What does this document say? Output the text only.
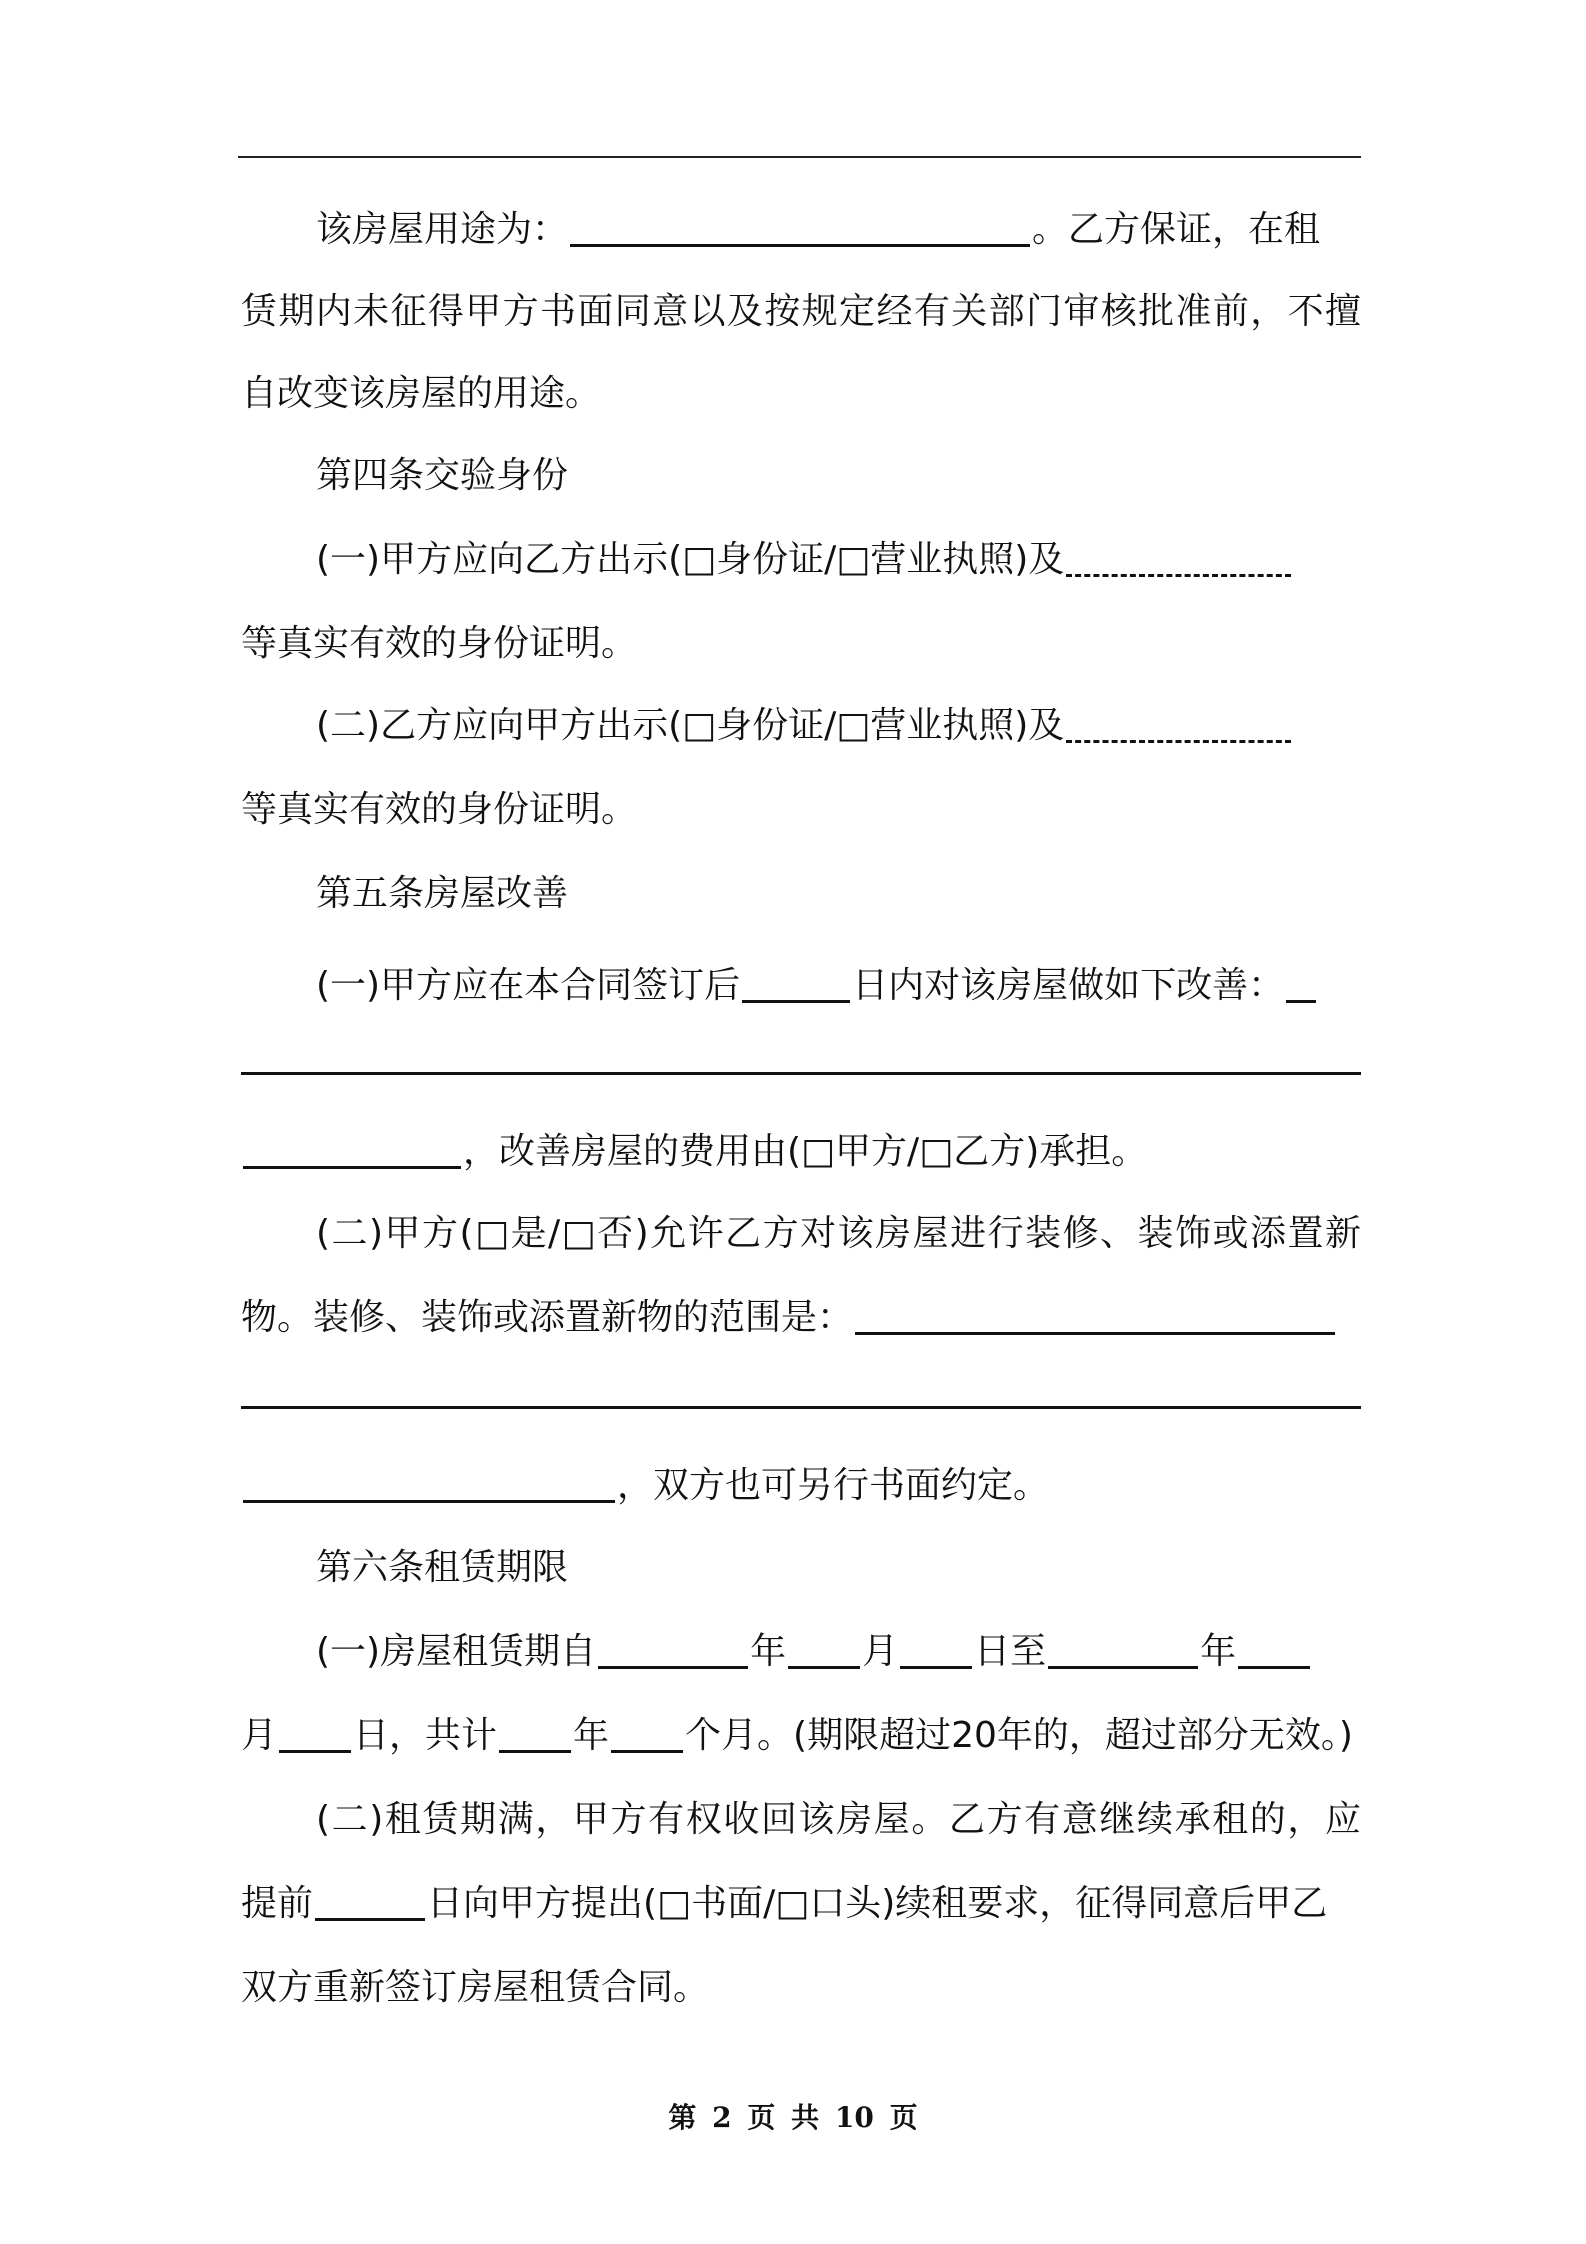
该房屋用途为：	。乙方保证，在租
赁期内未征得甲方书面同意以及按规定经有关部门审核批准前，不擅
自改变该房屋的用途。
第四条交验身份
(一)甲方应向乙方出示(□身份证/□营业执照)及
等真实有效的身份证明。
(二)乙方应向甲方出示(□身份证/□营业执照)及
等真实有效的身份证明。
第五条房屋改善
(一)甲方应在本合同签订后	日内对该房屋做如下改善：
，改善房屋的费用由(□甲方/□乙方)承担。
(二)甲方(□是/□否)允许乙方对该房屋进行装修、装饰或添置新
物。装修、装饰或添置新物的范围是：
，双方也可另行书面约定。
第六条租赁期限
(一)房屋租赁期自	年 月 日至	年
月 日，共计 年 个月。(期限超过20年的，超过部分无效。)
(二)租赁期满，甲方有权收回该房屋。乙方有意继续承租的，应
提前	日向甲方提出(□书面/□口头)续租要求，征得同意后甲乙
双方重新签订房屋租赁合同。
第 2 页 共 10 页
